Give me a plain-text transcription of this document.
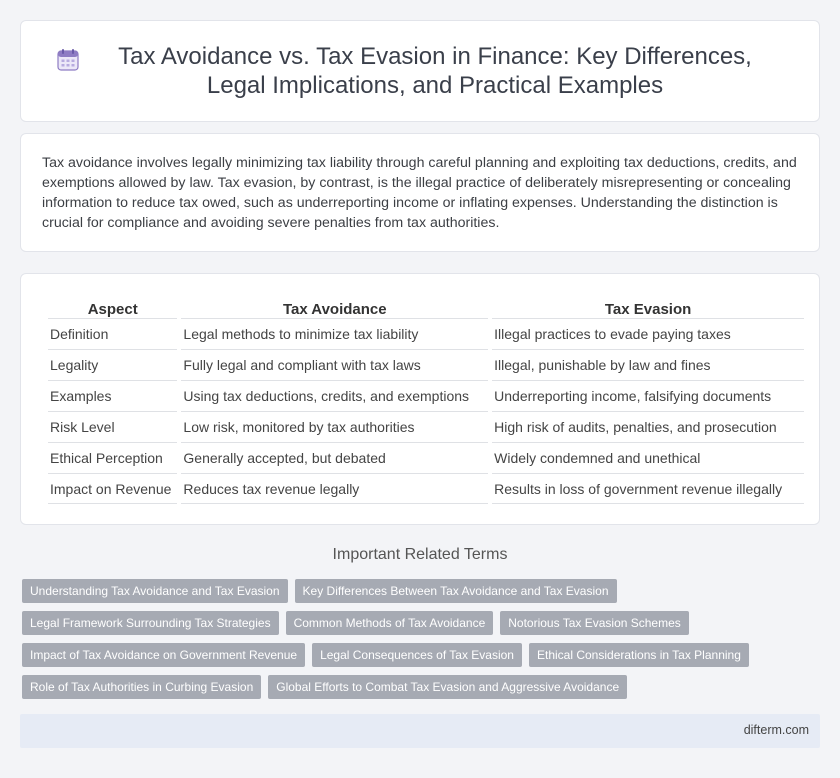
Tax Avoidance vs. Tax Evasion in Finance: Key Differences, Legal Implications, and Practical Examples

Tax avoidance involves legally minimizing tax liability through careful planning and exploiting tax deductions, credits, and exemptions allowed by law. Tax evasion, by contrast, is the illegal practice of deliberately misrepresenting or concealing information to reduce tax owed, such as underreporting income or inflating expenses. Understanding the distinction is crucial for compliance and avoiding severe penalties from tax authorities.

Aspect	Tax Avoidance	Tax Evasion
Definition	Legal methods to minimize tax liability	Illegal practices to evade paying taxes
Legality	Fully legal and compliant with tax laws	Illegal, punishable by law and fines
Examples	Using tax deductions, credits, and exemptions	Underreporting income, falsifying documents
Risk Level	Low risk, monitored by tax authorities	High risk of audits, penalties, and prosecution
Ethical Perception	Generally accepted, but debated	Widely condemned and unethical
Impact on Revenue	Reduces tax revenue legally	Results in loss of government revenue illegally
Important Related Terms
Understanding Tax Avoidance and Tax Evasion	Key Differences Between Tax Avoidance and Tax Evasion
Legal Framework Surrounding Tax Strategies	Common Methods of Tax Avoidance	Notorious Tax Evasion Schemes
Impact of Tax Avoidance on Government Revenue	Legal Consequences of Tax Evasion	Ethical Considerations in Tax Planning
Role of Tax Authorities in Curbing Evasion	Global Efforts to Combat Tax Evasion and Aggressive Avoidance
difterm.com
